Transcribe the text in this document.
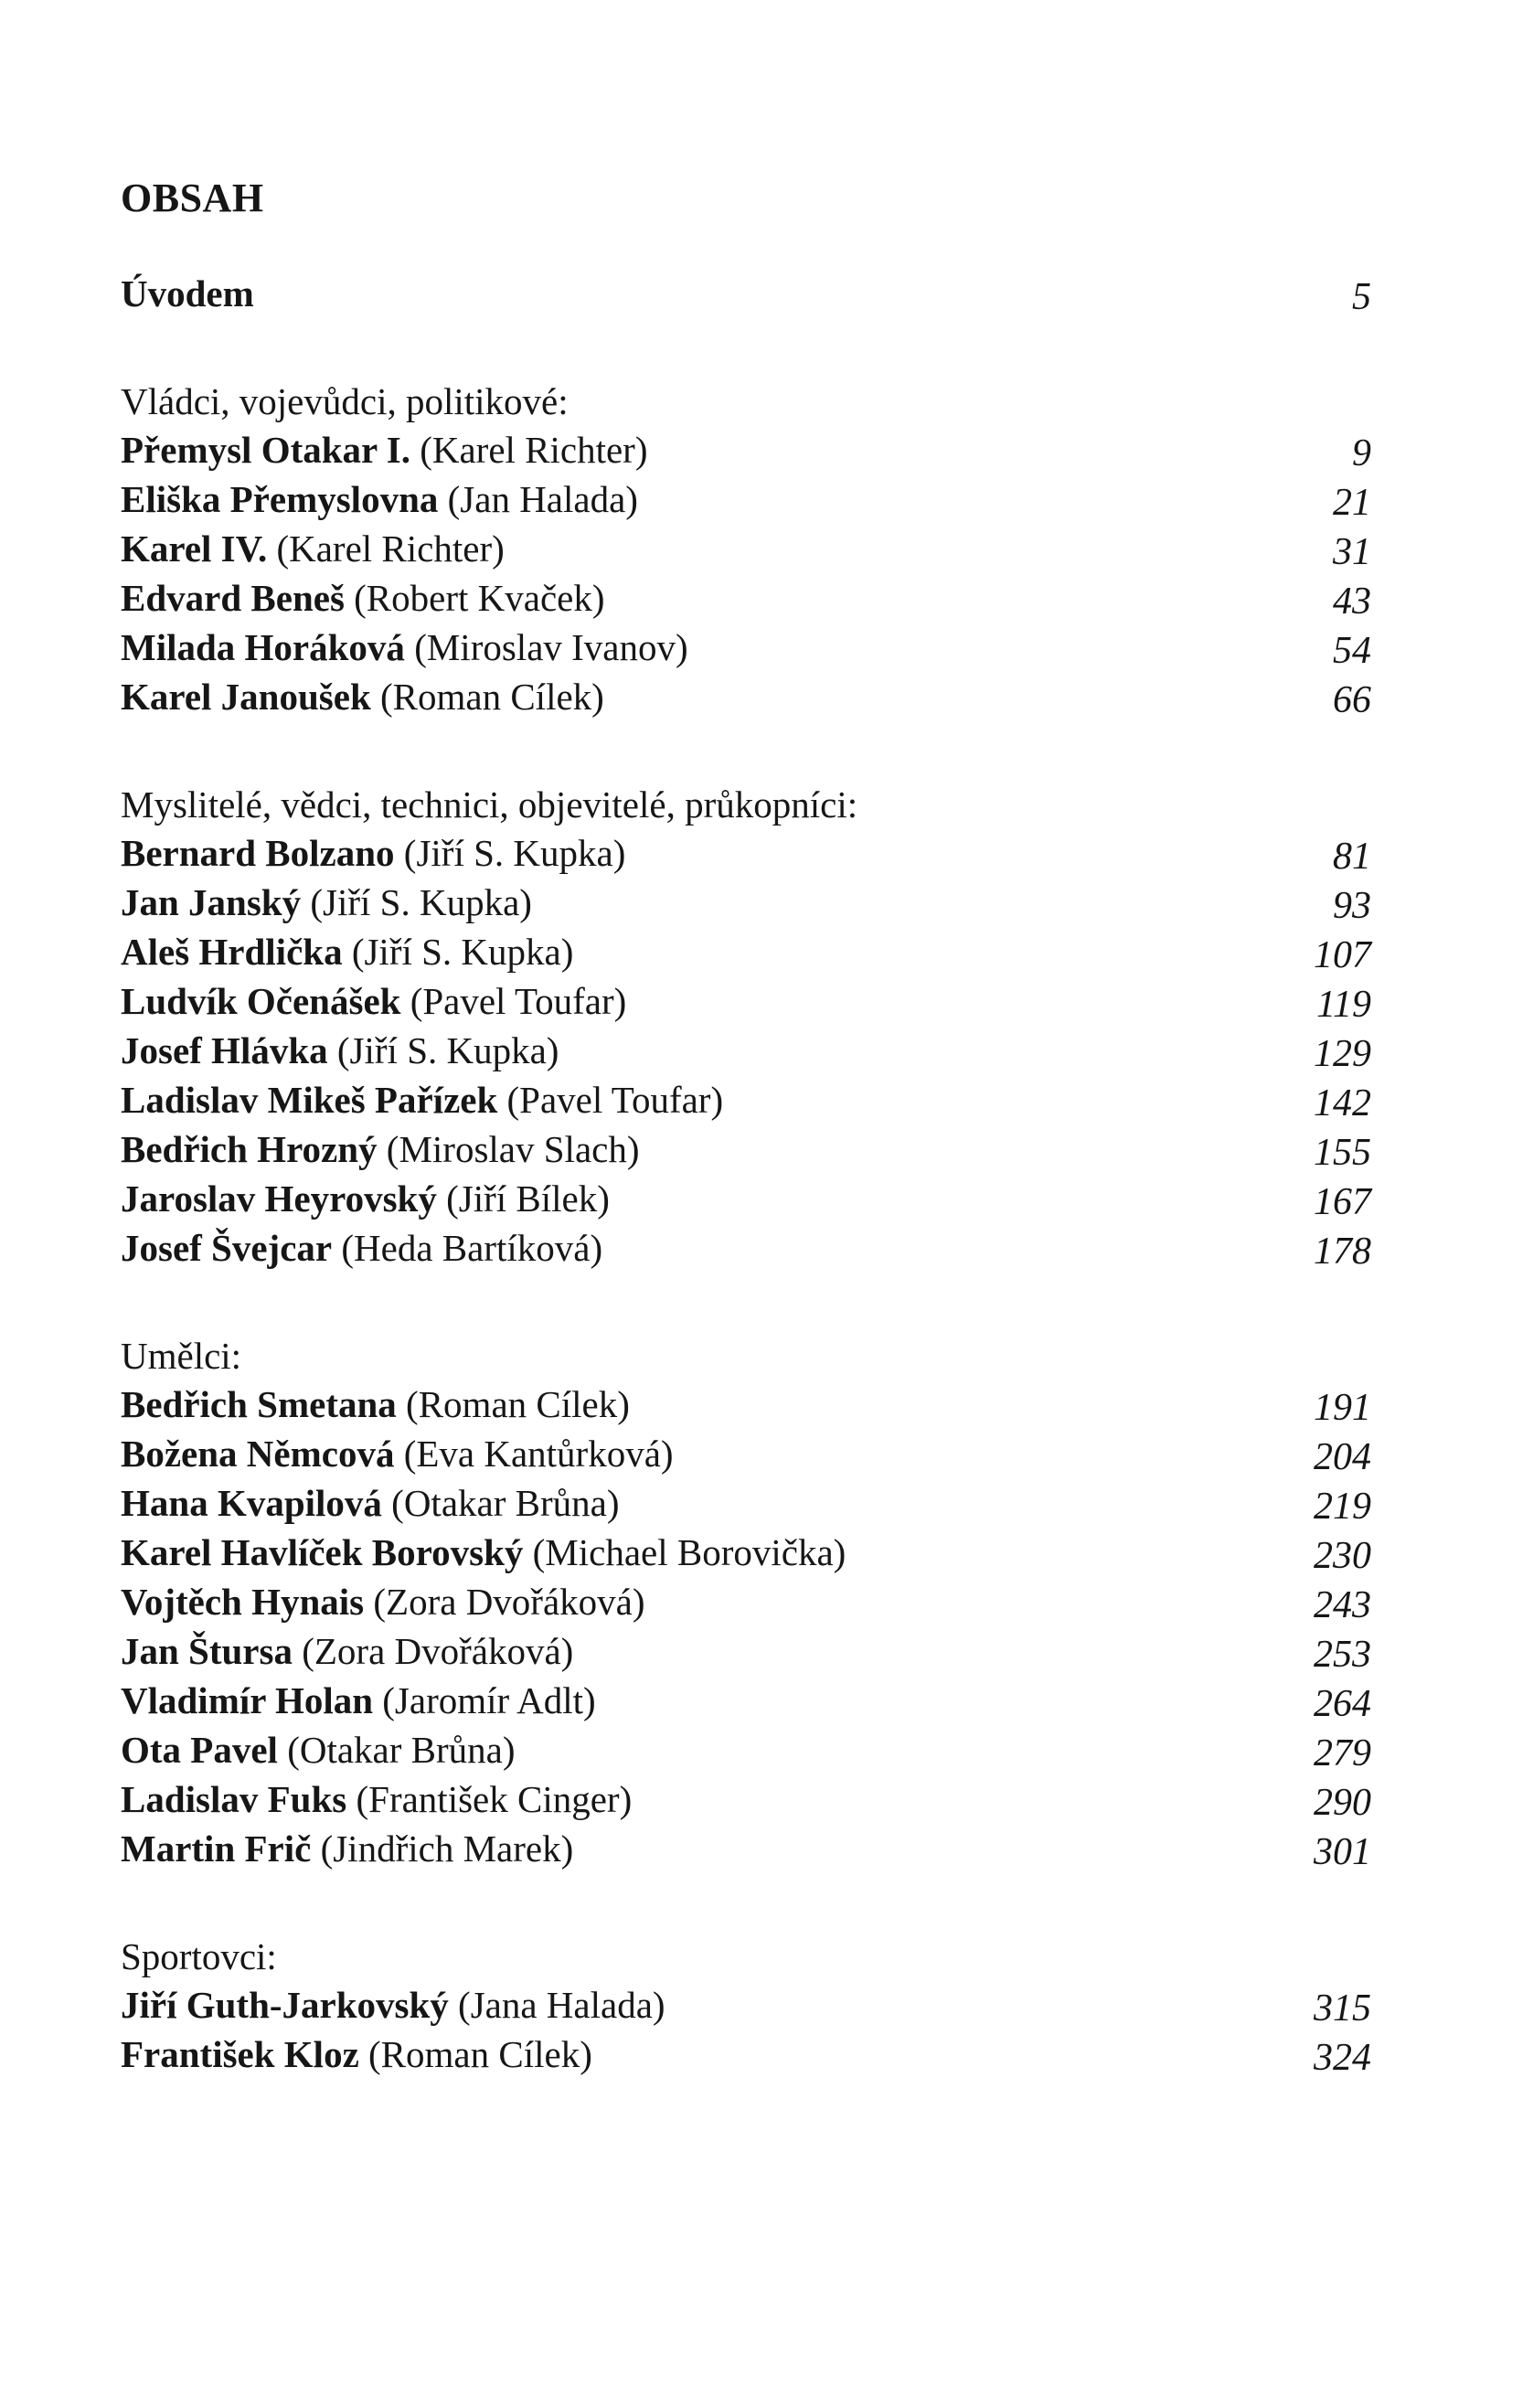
OBSAH
Úvodem	5
Vládci, vojevůdci, politikové:
Přemysl Otakar I. (Karel Richter)	9
Eliška Přemyslovna (Jan Halada)	21
Karel IV. (Karel Richter)	31
Edvard Beneš (Robert Kvaček)	43
Milada Horáková (Miroslav Ivanov)	54
Karel Janoušek (Roman Cílek)	66
Myslitelé, vědci, technici, objevitelé, průkopníci:
Bernard Bolzano (Jiří S. Kupka)	81
Jan Janský (Jiří S. Kupka)	93
Aleš Hrdlička (Jiří S. Kupka)	107
Ludvík Očenášek (Pavel Toufar)	119
Josef Hlávka (Jiří S. Kupka)	129
Ladislav Mikeš Pařízek (Pavel Toufar)	142
Bedřich Hrozný (Miroslav Slach)	155
Jaroslav Heyrovský (Jiří Bílek)	167
Josef Švejcar (Heda Bartíková)	178
Umělci:
Bedřich Smetana (Roman Cílek)	191
Božena Němcová (Eva Kantůrková)	204
Hana Kvapilová (Otakar Brůna)	219
Karel Havlíček Borovský (Michael Borovička)	230
Vojtěch Hynais (Zora Dvořáková)	243
Jan Štursa (Zora Dvořáková)	253
Vladimír Holan (Jaromír Adlt)	264
Ota Pavel (Otakar Brůna)	279
Ladislav Fuks (František Cinger)	290
Martin Frič (Jindřich Marek)	301
Sportovci:
Jiří Guth-Jarkovský (Jana Halada)	315
František Kloz (Roman Cílek)	324
